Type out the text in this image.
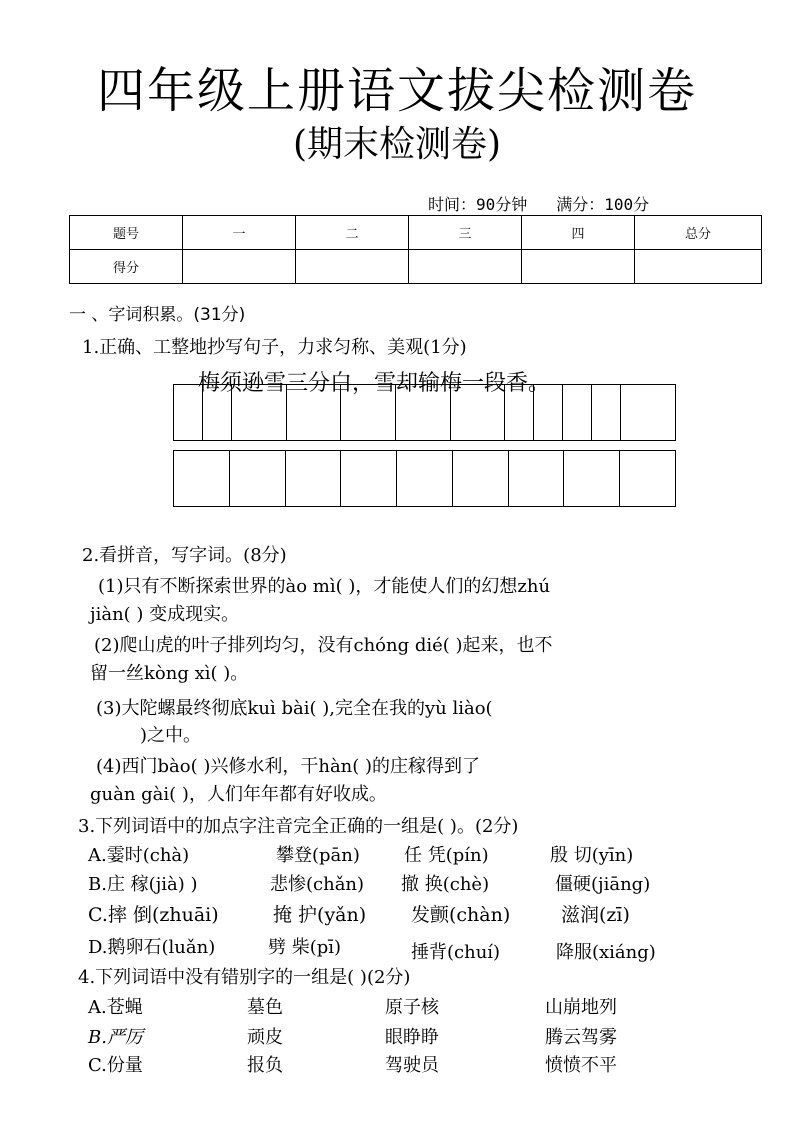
四年级上册语文拔尖检测卷
(期末检测卷)
时间：90分钟 满分：100分
题号	一	二	三	四	总分
得分					
一 、字词积累。(31分)
1.正确、工整地抄写句子，力求匀称、美观(1分)
梅须逊雪三分白，雪却输梅一段香。
2.看拼音，写字词。(8分)
(1)只有不断探索世界的ào mì( )，才能使人们的幻想zhú
jiàn( ) 变成现实。
(2)爬山虎的叶子排列均匀，没有chóng dié( )起来，也不
留一丝kòng xì( )。
(3)大陀螺最终彻底kuì bài( ),完全在我的yù liào(
)之中。
(4)西门bào( )兴修水利，干hàn( )的庄稼得到了
guàn gài( )，人们年年都有好收成。
3.下列词语中的加点字注音完全正确的一组是( )。(2分)
A.霎时(chà)	攀登(pān) 任 凭(pín)	殷 切(yīn)
B.庄 稼(jià) )	悲惨(chǎn) 撤 换(chè)	僵硬(jiāng)
C.摔 倒(zhuāi)	掩 护(yǎn) 发颤(chàn)	滋润(zī)
D.鹅卵石(luǎn)	劈 柴(pī)	捶背(chuí)	降服(xiáng)
4.下列词语中没有错别字的一组是( )(2分)
A.苍蝇	墓色	原子核	山崩地列
B.严厉	顽皮	眼睁睁	腾云驾雾
C.份量	报负	驾驶员	愤愤不平
